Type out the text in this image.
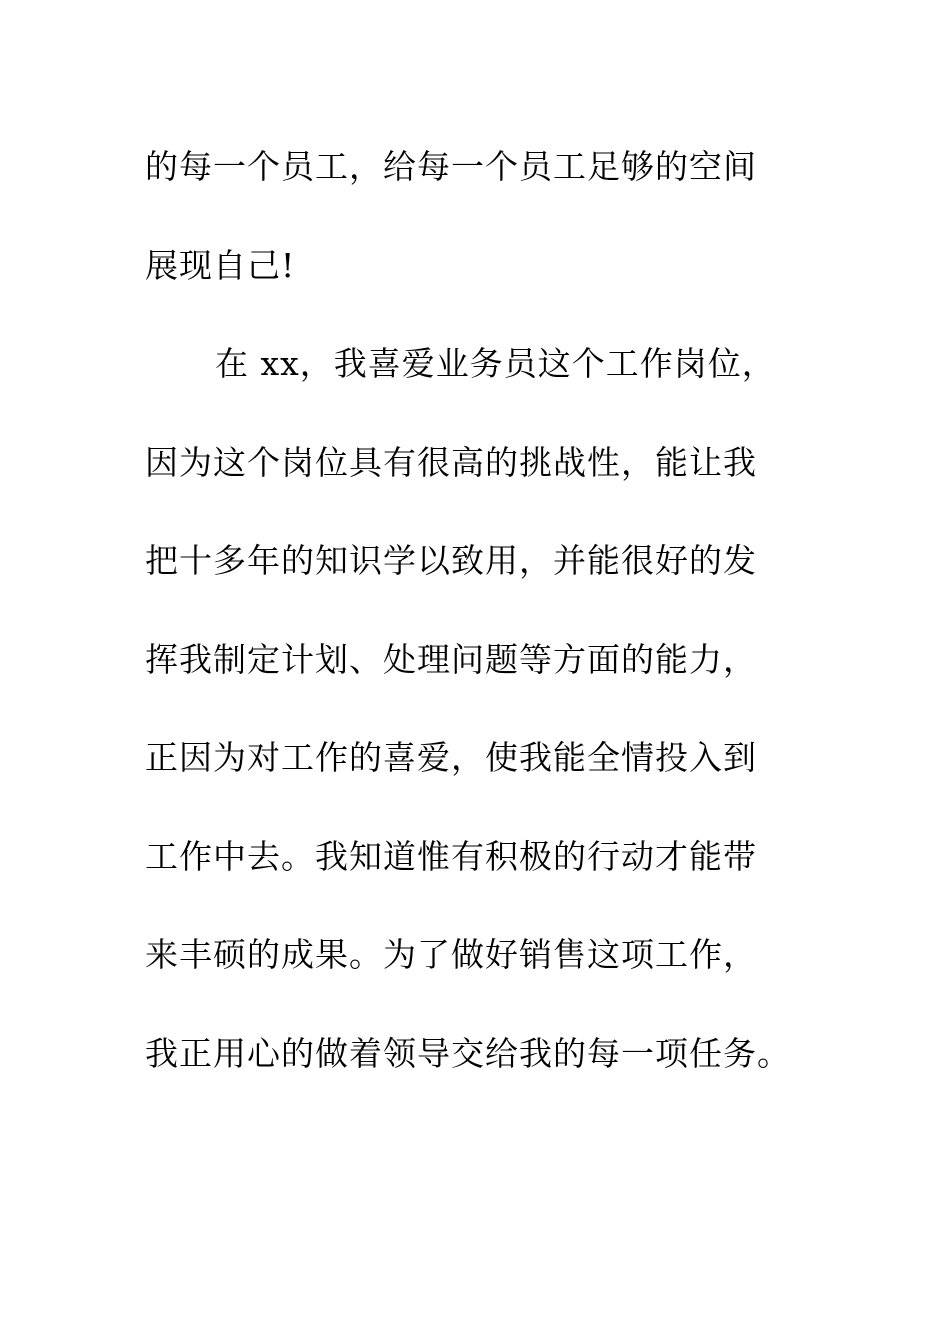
的每一个员工，给每一个员工足够的空间
展现自己!
在 xx，我喜爱业务员这个工作岗位，
因为这个岗位具有很高的挑战性，能让我
把十多年的知识学以致用，并能很好的发
挥我制定计划、处理问题等方面的能力，
正因为对工作的喜爱，使我能全情投入到
工作中去。我知道惟有积极的行动才能带
来丰硕的成果。为了做好销售这项工作，
我正用心的做着领导交给我的每一项任务。
